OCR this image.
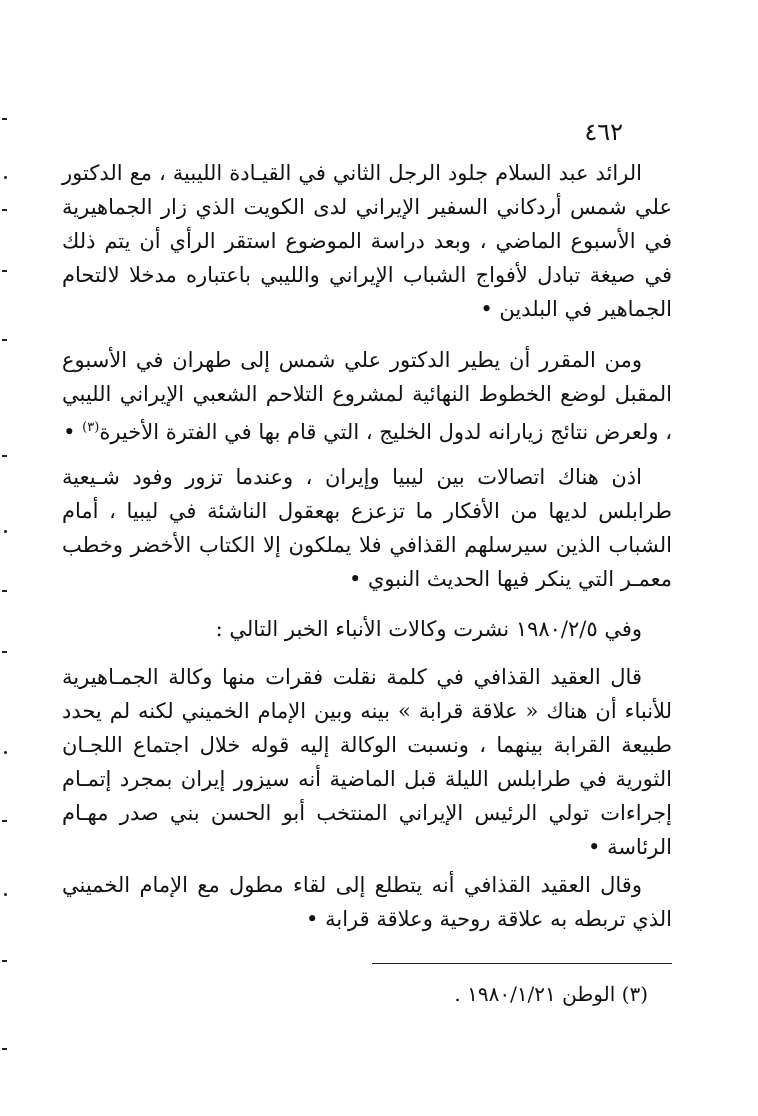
٤٦٢

الرائد عبد السلام جلود الرجل الثاني في القيـادة الليبية ، مع الدكتور علي شمس أردكاني السفير الإيراني لدى الكويت الذي زار الجماهيرية في الأسبوع الماضي ، وبعد دراسة الموضوع استقر الرأي أن يتم ذلك في صيغة تبادل لأفواج الشباب الإيراني والليبي باعتباره مدخلا لالتحام الجماهير في البلدين •

ومن المقرر أن يطير الدكتور علي شمس إلى طهران في الأسبوع المقبل لوضع الخطوط النهائية لمشروع التلاحم الشعبي الإيراني الليبي ، ولعرض نتائج زيارانه لدول الخليج ، التي قام بها في الفترة الأخيرة$^{(٣)}$ •

اذن هناك اتصالات بين ليبيا وإيران ، وعندما تزور وفود شـيعية طرابلس لديها من الأفكار ما تزعزع بهعقول الناشئة في ليبيا ، أمام الشباب الذين سيرسلهم القذافي فلا يملكون إلا الكتاب الأخضر وخطب معمـر التي ينكر فيها الحديث النبوي •

وفي ١٩٨٠/٢/٥ نشرت وكالات الأنباء الخبر التالي :

قال العقيد القذافي في كلمة نقلت فقرات منها وكالة الجمـاهيرية للأنباء أن هناك « علاقة قرابة » بينه وبين الإمام الخميني لكنه لم يحدد طبيعة القرابة بينهما ، ونسبت الوكالة إليه قوله خلال اجتماع اللجـان الثورية في طرابلس الليلة قبل الماضية أنه سيزور إيران بمجرد إتمـام إجراءات تولي الرئيس الإيراني المنتخب أبو الحسن بني صدر مهـام الرئاسة •

وقال العقيد القذافي أنه يتطلع إلى لقاء مطول مع الإمام الخميني الذي تربطه به علاقة روحية وعلاقة قرابة •

(٣) الوطن ١٩٨٠/١/٢١ .
